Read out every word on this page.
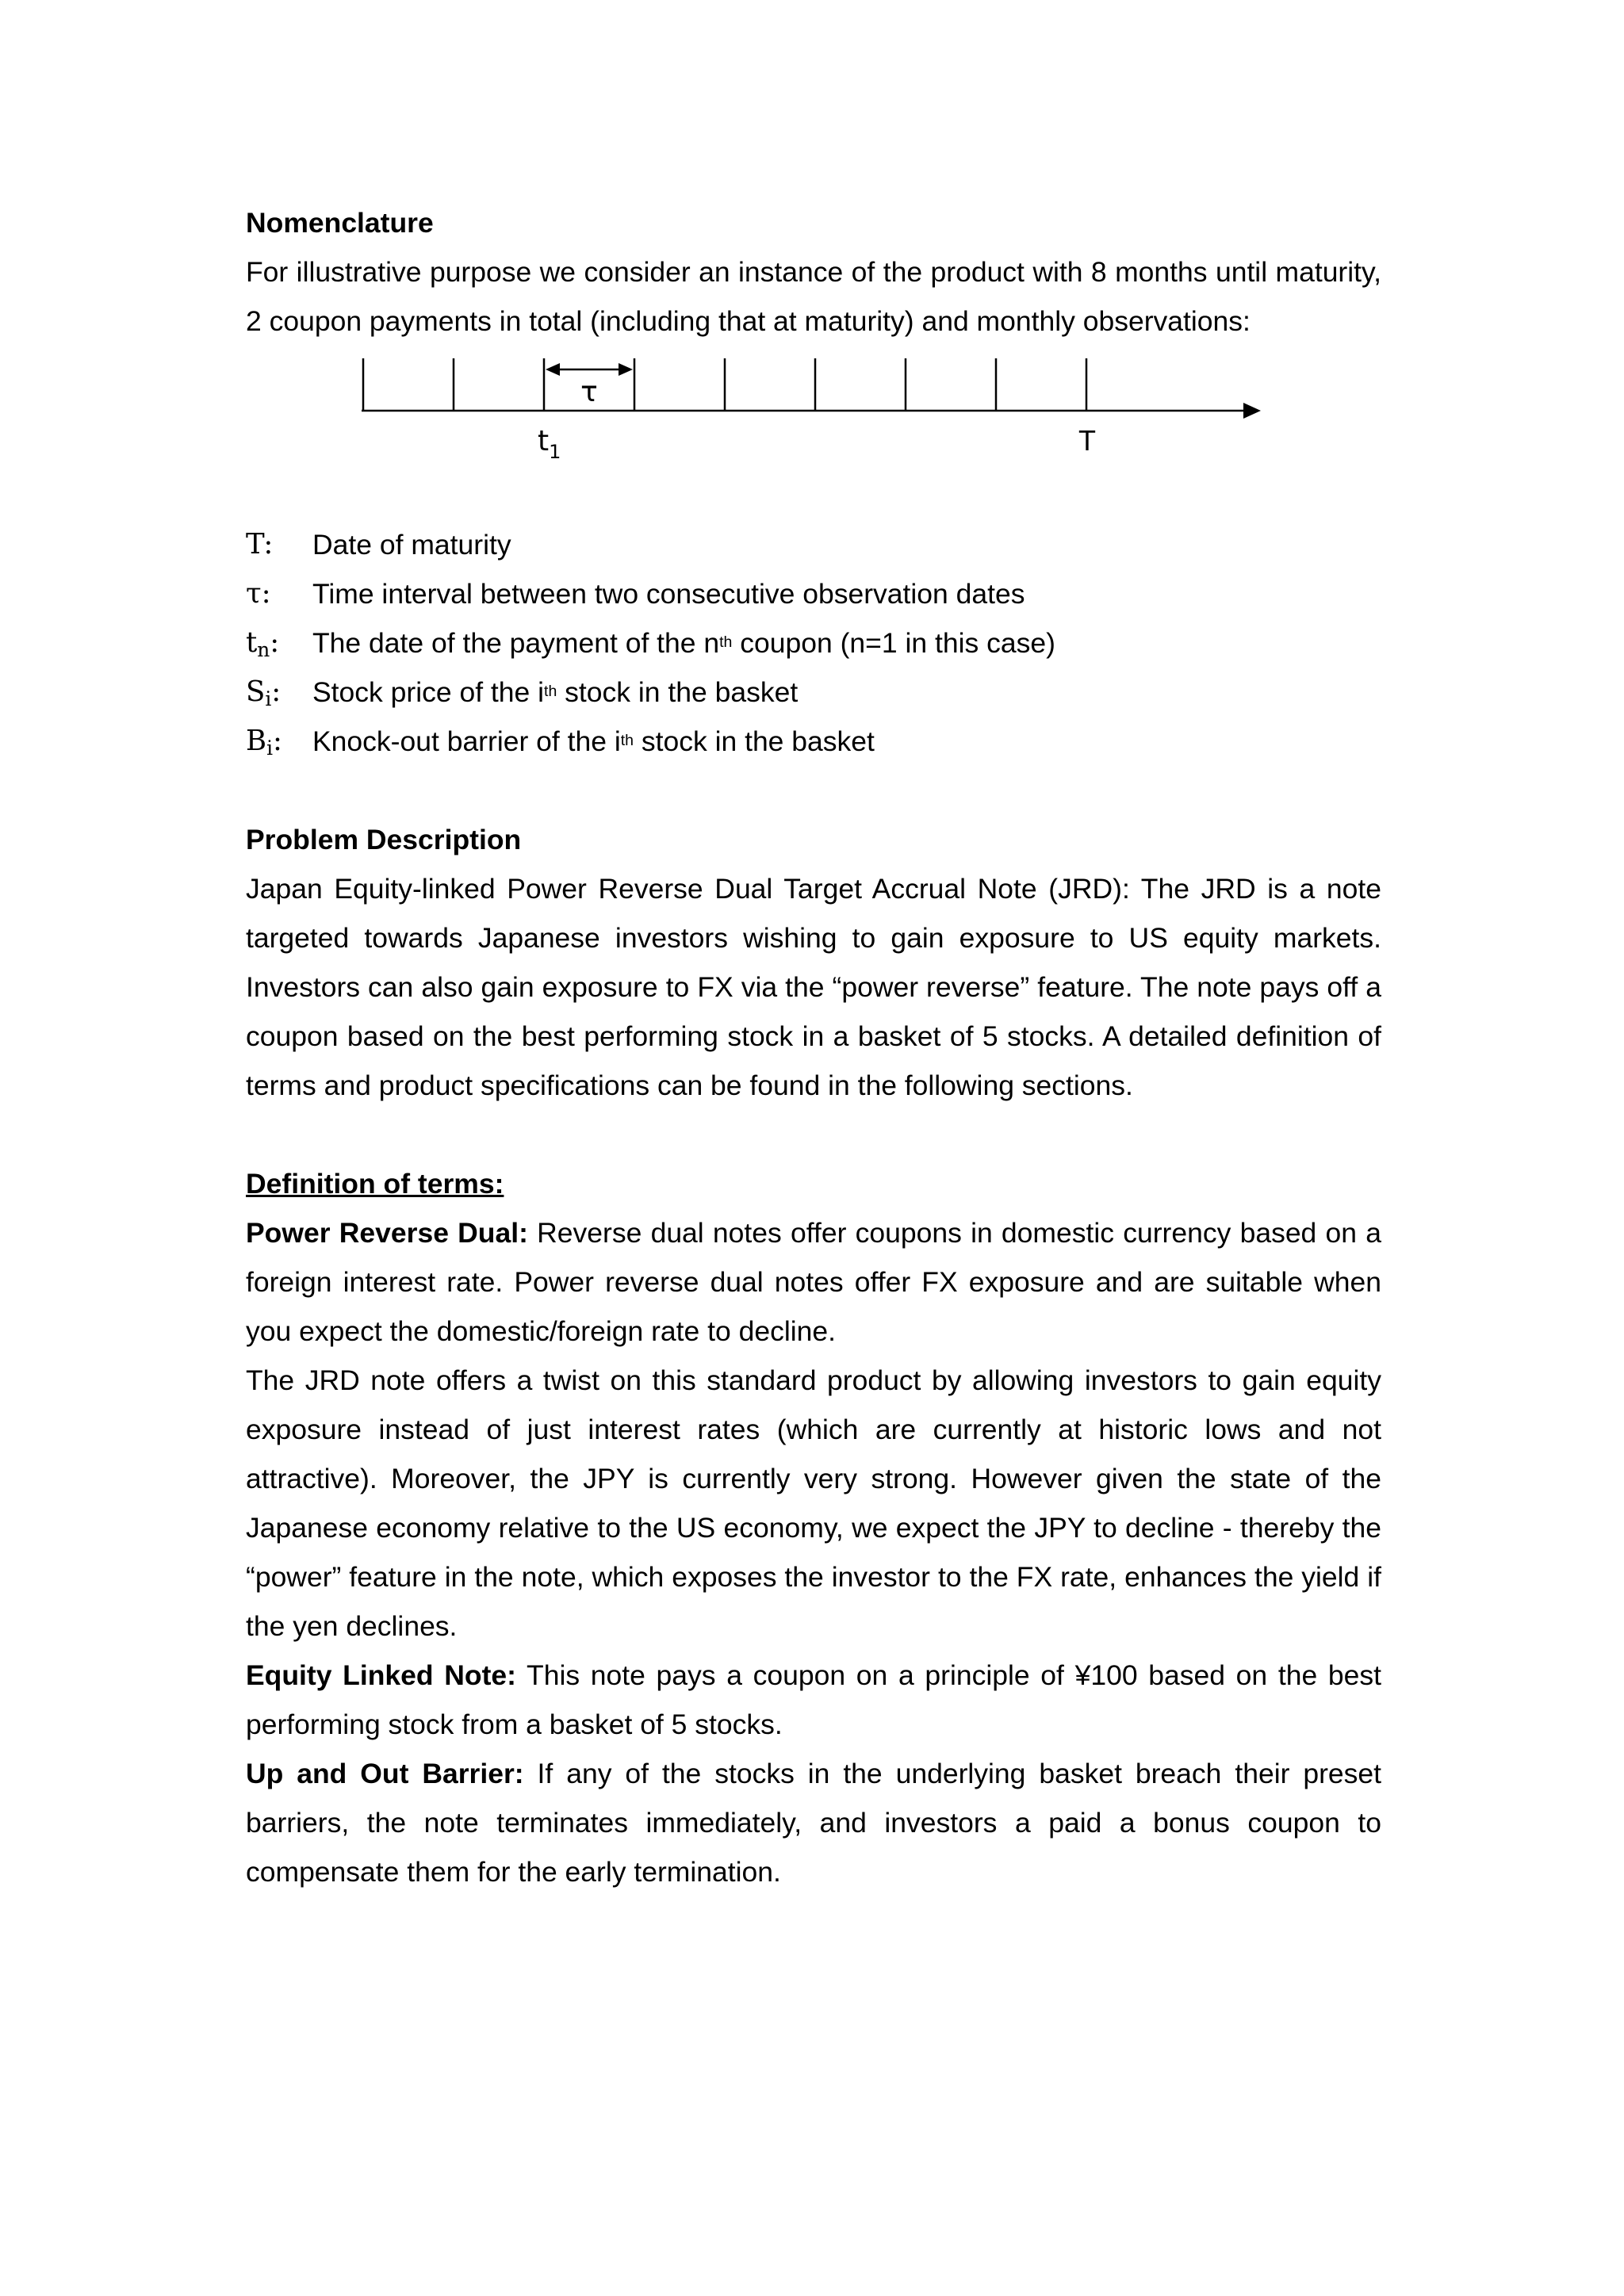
Nomenclature

For illustrative purpose we consider an instance of the product with 8 months until maturity, 2 coupon payments in total (including that at maturity) and monthly observations:

τ
$t_1$	T
T:	Date of maturity
τ:	Time interval between two consecutive observation dates
$t_n$:	The date of the payment of the $n^{th}$ coupon (n=1 in this case)
$S_i$:	Stock price of the $i^{th}$ stock in the basket
$B_i$:	Knock-out barrier of the $i^{th}$ stock in the basket

Problem Description

Japan Equity-linked Power Reverse Dual Target Accrual Note (JRD): The JRD is a note targeted towards Japanese investors wishing to gain exposure to US equity markets. Investors can also gain exposure to FX via the “power reverse” feature. The note pays off a coupon based on the best performing stock in a basket of 5 stocks. A detailed definition of terms and product specifications can be found in the following sections.

Definition of terms:

Power Reverse Dual: Reverse dual notes offer coupons in domestic currency based on a foreign interest rate. Power reverse dual notes offer FX exposure and are suitable when you expect the domestic/foreign rate to decline.

The JRD note offers a twist on this standard product by allowing investors to gain equity exposure instead of just interest rates (which are currently at historic lows and not attractive). Moreover, the JPY is currently very strong. However given the state of the Japanese economy relative to the US economy, we expect the JPY to decline - thereby the “power” feature in the note, which exposes the investor to the FX rate, enhances the yield if the yen declines.

Equity Linked Note: This note pays a coupon on a principle of ¥100 based on the best performing stock from a basket of 5 stocks.

Up and Out Barrier: If any of the stocks in the underlying basket breach their preset barriers, the note terminates immediately, and investors a paid a bonus coupon to compensate them for the early termination.
